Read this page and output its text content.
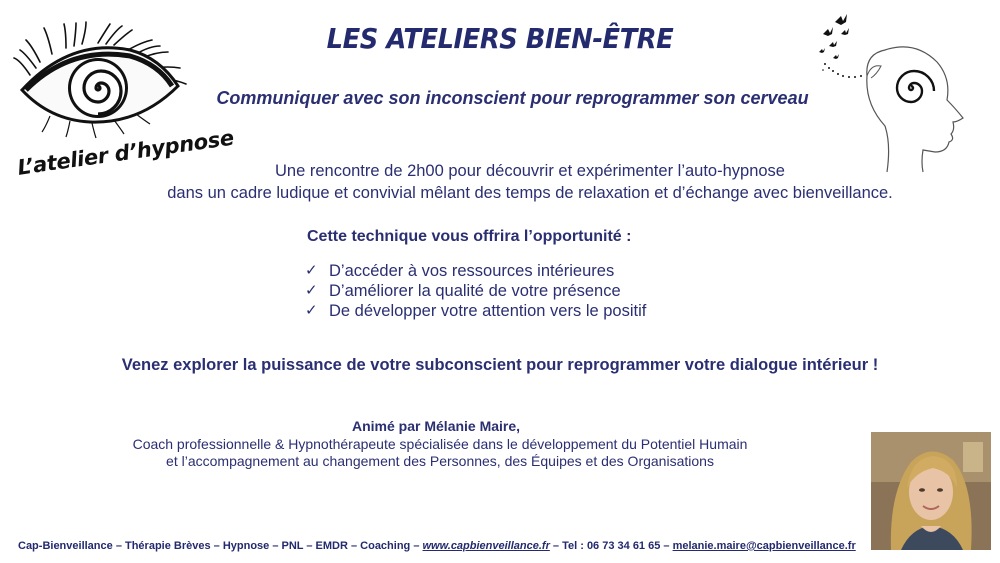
LES ATELIERS BIEN-ÊTRE
Communiquer avec son inconscient pour reprogrammer son cerveau
L’atelier d’hypnose	Une rencontre de 2h00 pour découvrir et expérimenter l’auto-hypnose
dans un cadre ludique et convivial mêlant des temps de relaxation et d’échange avec bienveillance.
Cette technique vous offrira l’opportunité :
✓ D’accéder à vos ressources intérieures
✓ D’améliorer la qualité de votre présence
✓ De développer votre attention vers le positif
Venez explorer la puissance de votre subconscient pour reprogrammer votre dialogue intérieur !
Animé par Mélanie Maire,
Coach professionnelle & Hypnothérapeute spécialisée dans le développement du Potentiel Humain
et l’accompagnement au changement des Personnes, des Équipes et des Organisations
Cap-Bienveillance – Thérapie Brèves – Hypnose – PNL – EMDR – Coaching – www.capbienveillance.fr – Tel : 06 73 34 61 65 – melanie.maire@capbienveillance.fr
